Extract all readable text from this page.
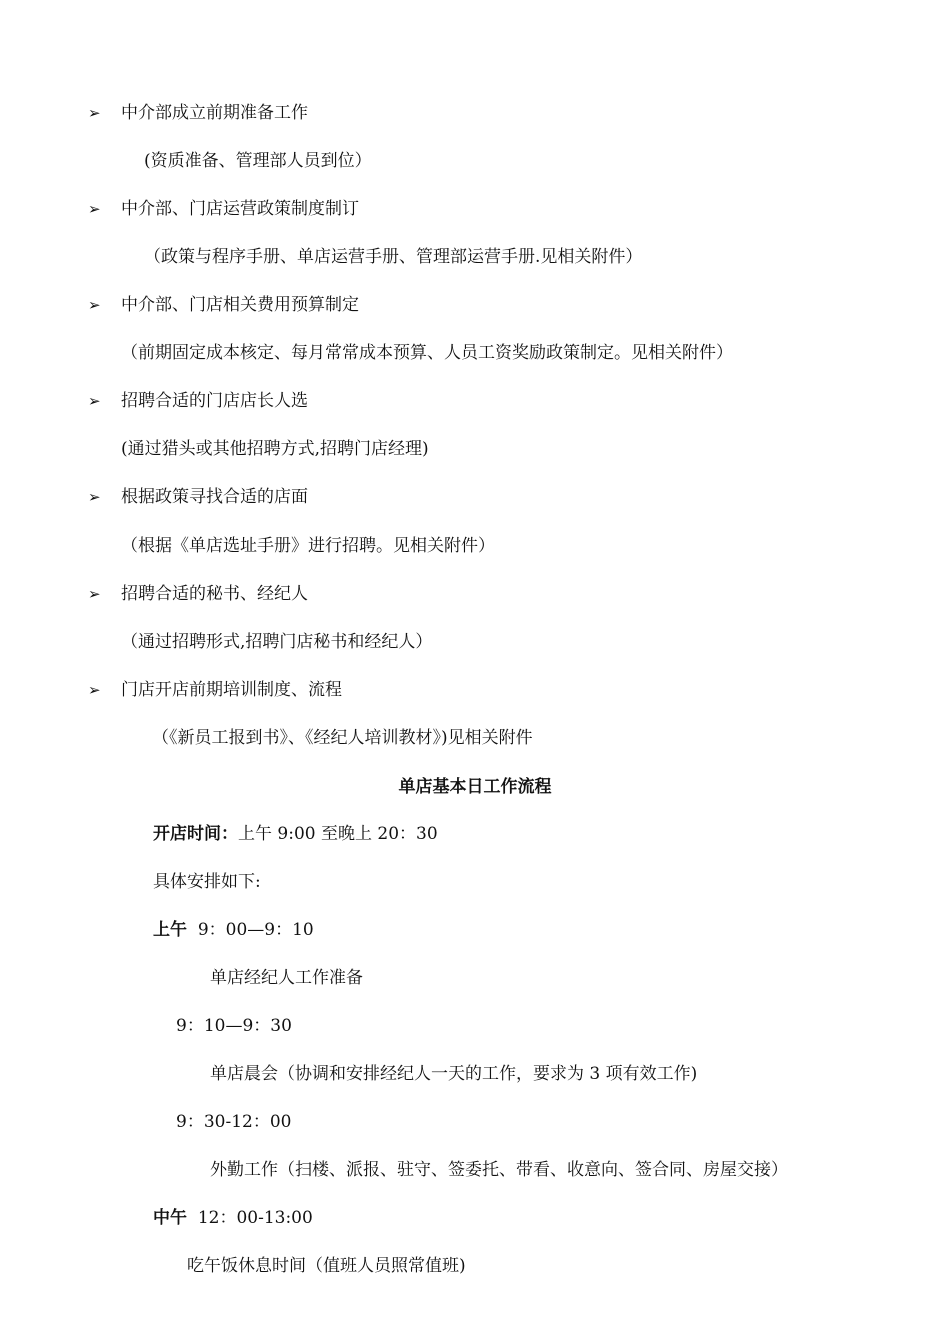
➢ 中介部成立前期准备工作
(资质准备、管理部人员到位）
➢ 中介部、门店运营政策制度制订
（政策与程序手册、单店运营手册、管理部运营手册.见相关附件）
➢ 中介部、门店相关费用预算制定
（前期固定成本核定、每月常常成本预算、人员工资奖励政策制定。见相关附件）
➢ 招聘合适的门店店长人选
(通过猎头或其他招聘方式,招聘门店经理)
➢ 根据政策寻找合适的店面
（根据《单店选址手册》进行招聘。见相关附件）
➢ 招聘合适的秘书、经纪人
（通过招聘形式,招聘门店秘书和经纪人）
➢ 门店开店前期培训制度、流程
（《新员工报到书》、《经纪人培训教材》)见相关附件
单店基本日工作流程
开店时间：上午 9:00 至晚上 20：30
具体安排如下:
上午 9：00—9：10
单店经纪人工作准备
9：10—9：30
单店晨会（协调和安排经纪人一天的工作，要求为 3 项有效工作)
9：30-12：00
外勤工作（扫楼、派报、驻守、签委托、带看、收意向、签合同、房屋交接）
中午 12：00-13:00
吃午饭休息时间（值班人员照常值班)
